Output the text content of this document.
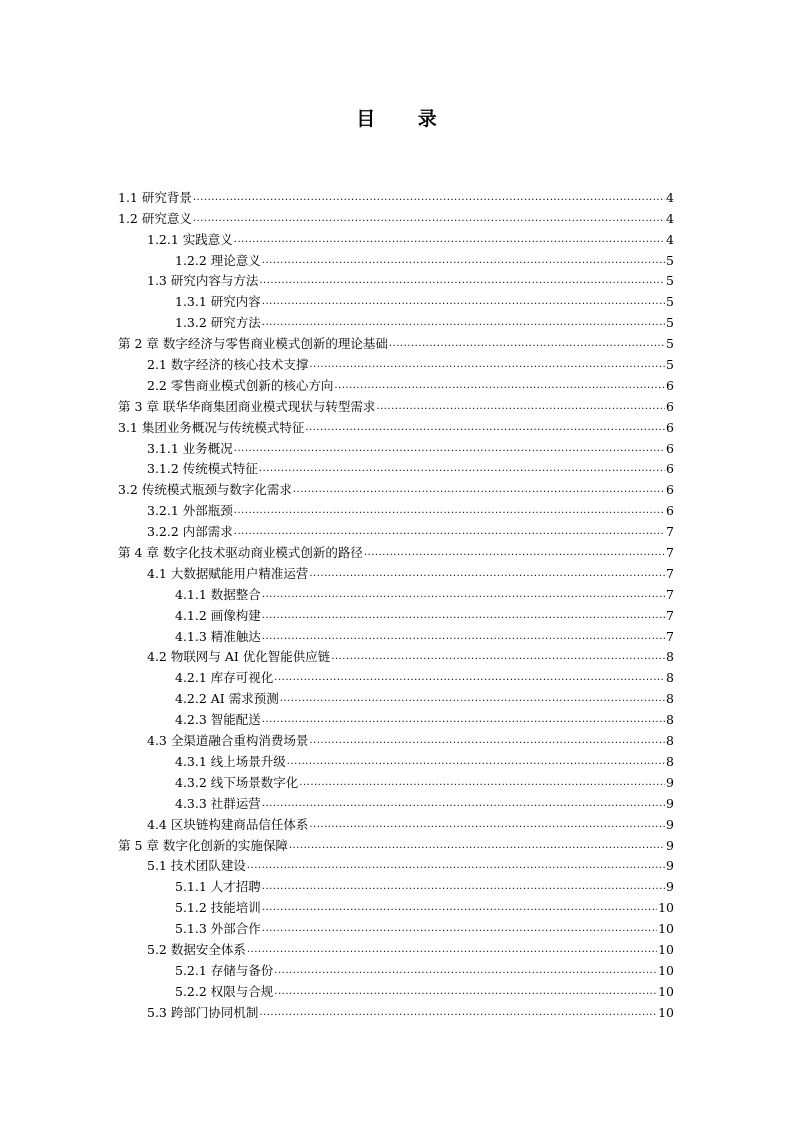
目 录
1.1 研究背景 .....	4
1.2 研究意义 .....	4
1.2.1 实践意义 .....	4
1.2.2 理论意义 .....	5
1.3 研究内容与方法 .....	5
1.3.1 研究内容 .....	5
1.3.2 研究方法 .....	5
第 2 章 数字经济与零售商业模式创新的理论基础 .....	5
2.1 数字经济的核心技术支撑 .....	5
2.2 零售商业模式创新的核心方向 .....	6
第 3 章 联华华商集团商业模式现状与转型需求 .....	6
3.1 集团业务概况与传统模式特征 .....	6
3.1.1 业务概况 .....	6
3.1.2 传统模式特征 .....	6
3.2 传统模式瓶颈与数字化需求 .....	6
3.2.1 外部瓶颈 .....	6
3.2.2 内部需求 .....	7
第 4 章 数字化技术驱动商业模式创新的路径 .....	7
4.1 大数据赋能用户精准运营 .....	7
4.1.1 数据整合 .....	7
4.1.2 画像构建 .....	7
4.1.3 精准触达 .....	7
4.2 物联网与 AI 优化智能供应链 .....	8
4.2.1 库存可视化 .....	8
4.2.2 AI 需求预测 .....	8
4.2.3 智能配送 .....	8
4.3 全渠道融合重构消费场景 .....	8
4.3.1 线上场景升级 .....	8
4.3.2 线下场景数字化 .....	9
4.3.3 社群运营 .....	9
4.4 区块链构建商品信任体系 .....	9
第 5 章 数字化创新的实施保障 .....	9
5.1 技术团队建设 .....	9
5.1.1 人才招聘 .....	9
5.1.2 技能培训 .....	10
5.1.3 外部合作 .....	10
5.2 数据安全体系 .....	10
5.2.1 存储与备份 .....	10
5.2.2 权限与合规 .....	10
5.3 跨部门协同机制 .....	10
